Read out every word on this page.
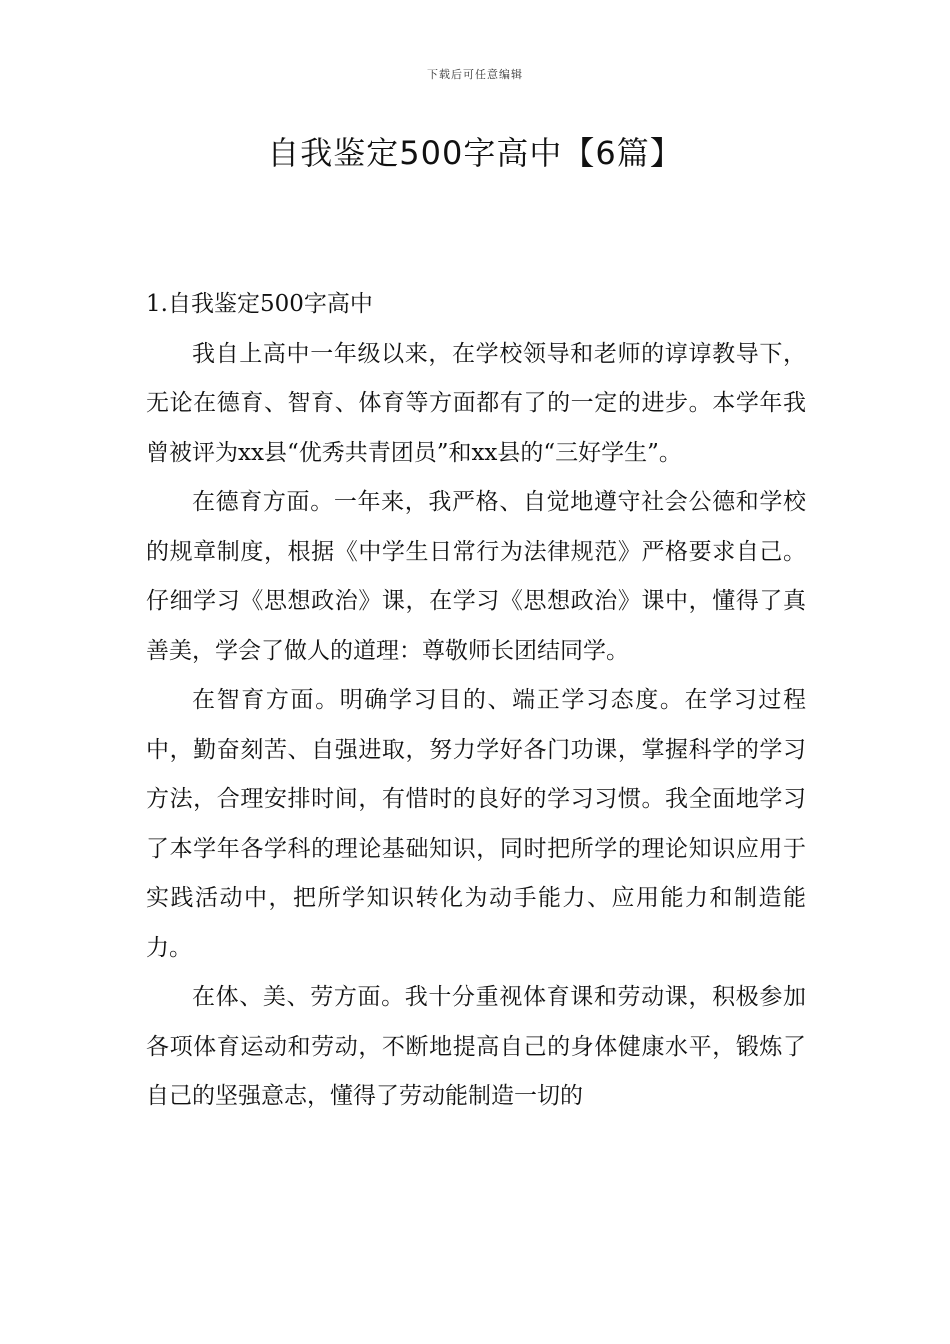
下载后可任意编辑
自我鉴定500字高中【6篇】
1.自我鉴定500字高中

我自上高中一年级以来，在学校领导和老师的谆谆教导下，无论在德育、智育、体育等方面都有了的一定的进步。本学年我曾被评为xx县“优秀共青团员”和xx县的“三好学生”。

在德育方面。一年来，我严格、自觉地遵守社会公德和学校的规章制度，根据《中学生日常行为法律规范》严格要求自己。仔细学习《思想政治》课，在学习《思想政治》课中，懂得了真善美，学会了做人的道理：尊敬师长团结同学。

在智育方面。明确学习目的、端正学习态度。在学习过程中，勤奋刻苦、自强进取，努力学好各门功课，掌握科学的学习方法，合理安排时间，有惜时的良好的学习习惯。我全面地学习了本学年各学科的理论基础知识，同时把所学的理论知识应用于实践活动中，把所学知识转化为动手能力、应用能力和制造能力。

在体、美、劳方面。我十分重视体育课和劳动课，积极参加各项体育运动和劳动，不断地提高自己的身体健康水平，锻炼了自己的坚强意志，懂得了劳动能制造一切的
